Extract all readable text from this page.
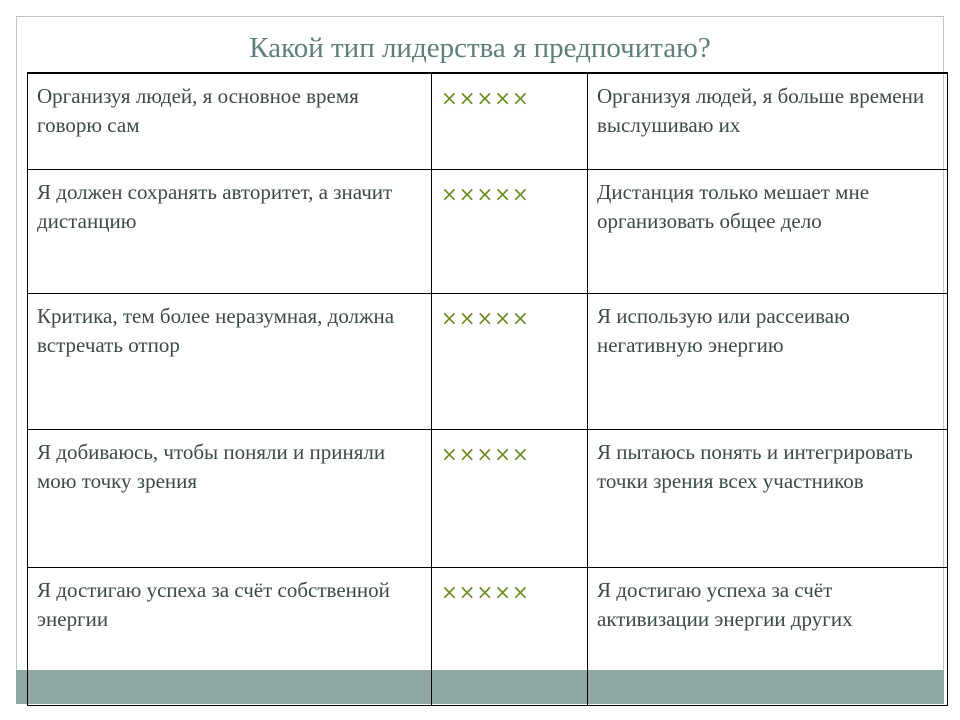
Какой тип лидерства я предпочитаю?
Организуя людей, я основное время говорю сам	×××××	Организуя людей, я больше времени выслушиваю их
Я должен сохранять авторитет, а значит дистанцию	×××××	Дистанция только мешает мне организовать общее дело
Критика, тем более неразумная, должна встречать отпор	×××××	Я использую или рассеиваю негативную энергию
Я добиваюсь, чтобы поняли и приняли мою точку зрения	×××××	Я пытаюсь понять и интегрировать точки зрения всех участников
Я достигаю успеха за счёт собственной энергии	×××××	Я достигаю успеха за счёт активизации энергии других
